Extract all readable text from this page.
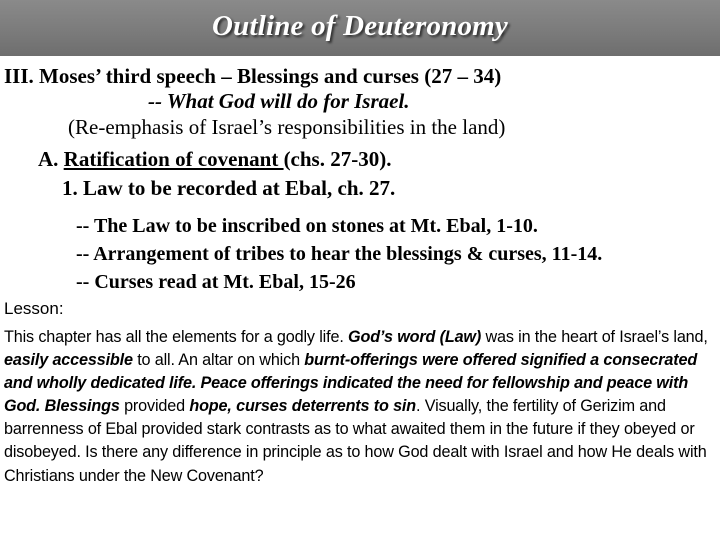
Outline of Deuteronomy
III. Moses’ third speech – Blessings and curses (27 – 34)
-- What God will do for Israel.
(Re-emphasis of Israel’s responsibilities in the land)
A. Ratification of covenant (chs. 27-30).
1. Law to be recorded at Ebal, ch. 27.
-- The Law to be inscribed on stones at Mt. Ebal, 1-10.
-- Arrangement of tribes to hear the blessings & curses, 11-14.
-- Curses read at Mt. Ebal, 15-26
Lesson:
This chapter has all the elements for a godly life. God’s word (Law) was in the heart of Israel’s land, easily accessible to all. An altar on which burnt-offerings were offered signified a consecrated and wholly dedicated life. Peace offerings indicated the need for fellowship and peace with God. Blessings provided hope, curses deterrents to sin. Visually, the fertility of Gerizim and barrenness of Ebal provided stark contrasts as to what awaited them in the future if they obeyed or disobeyed. Is there any difference in principle as to how God dealt with Israel and how He deals with Christians under the New Covenant?
